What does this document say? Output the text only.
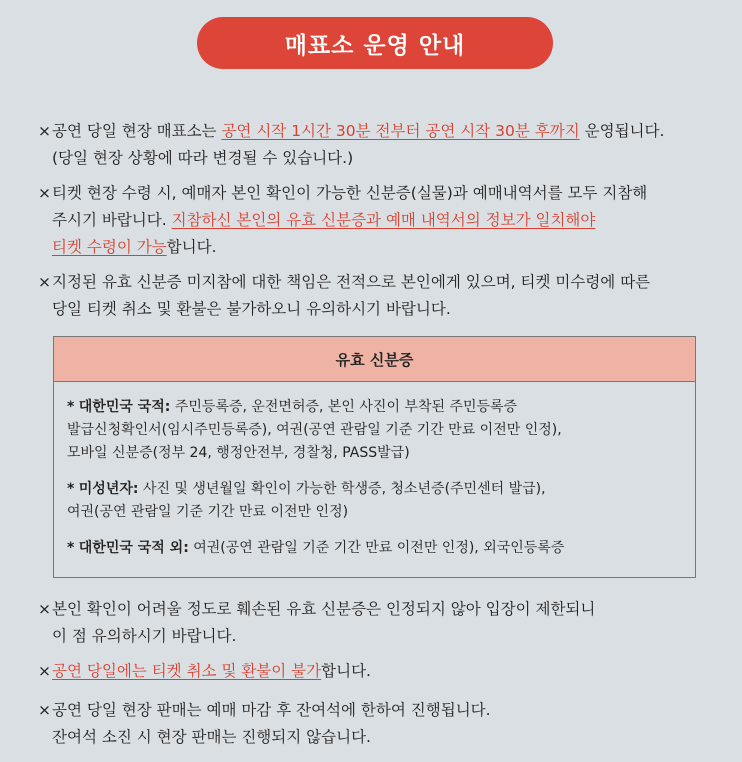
매표소 운영 안내
×공연 당일 현장 매표소는 공연 시작 1시간 30분 전부터 공연 시작 30분 후까지 운영됩니다.
(당일 현장 상황에 따라 변경될 수 있습니다.)
×티켓 현장 수령 시, 예매자 본인 확인이 가능한 신분증(실물)과 예매내역서를 모두 지참해
주시기 바랍니다. 지참하신 본인의 유효 신분증과 예매 내역서의 정보가 일치해야
티켓 수령이 가능합니다.
×지정된 유효 신분증 미지참에 대한 책임은 전적으로 본인에게 있으며, 티켓 미수령에 따른
당일 티켓 취소 및 환불은 불가하오니 유의하시기 바랍니다.
유효 신분증
* 대한민국 국적: 주민등록증, 운전면허증, 본인 사진이 부착된 주민등록증
발급신청확인서(임시주민등록증), 여권(공연 관람일 기준 기간 만료 이전만 인정),
모바일 신분증(정부 24, 행정안전부, 경찰청, PASS발급)
* 미성년자: 사진 및 생년월일 확인이 가능한 학생증, 청소년증(주민센터 발급),
여권(공연 관람일 기준 기간 만료 이전만 인정)
* 대한민국 국적 외: 여권(공연 관람일 기준 기간 만료 이전만 인정), 외국인등록증
×본인 확인이 어려울 정도로 훼손된 유효 신분증은 인정되지 않아 입장이 제한되니
이 점 유의하시기 바랍니다.
×공연 당일에는 티켓 취소 및 환불이 불가합니다.
×공연 당일 현장 판매는 예매 마감 후 잔여석에 한하여 진행됩니다.
잔여석 소진 시 현장 판매는 진행되지 않습니다.
